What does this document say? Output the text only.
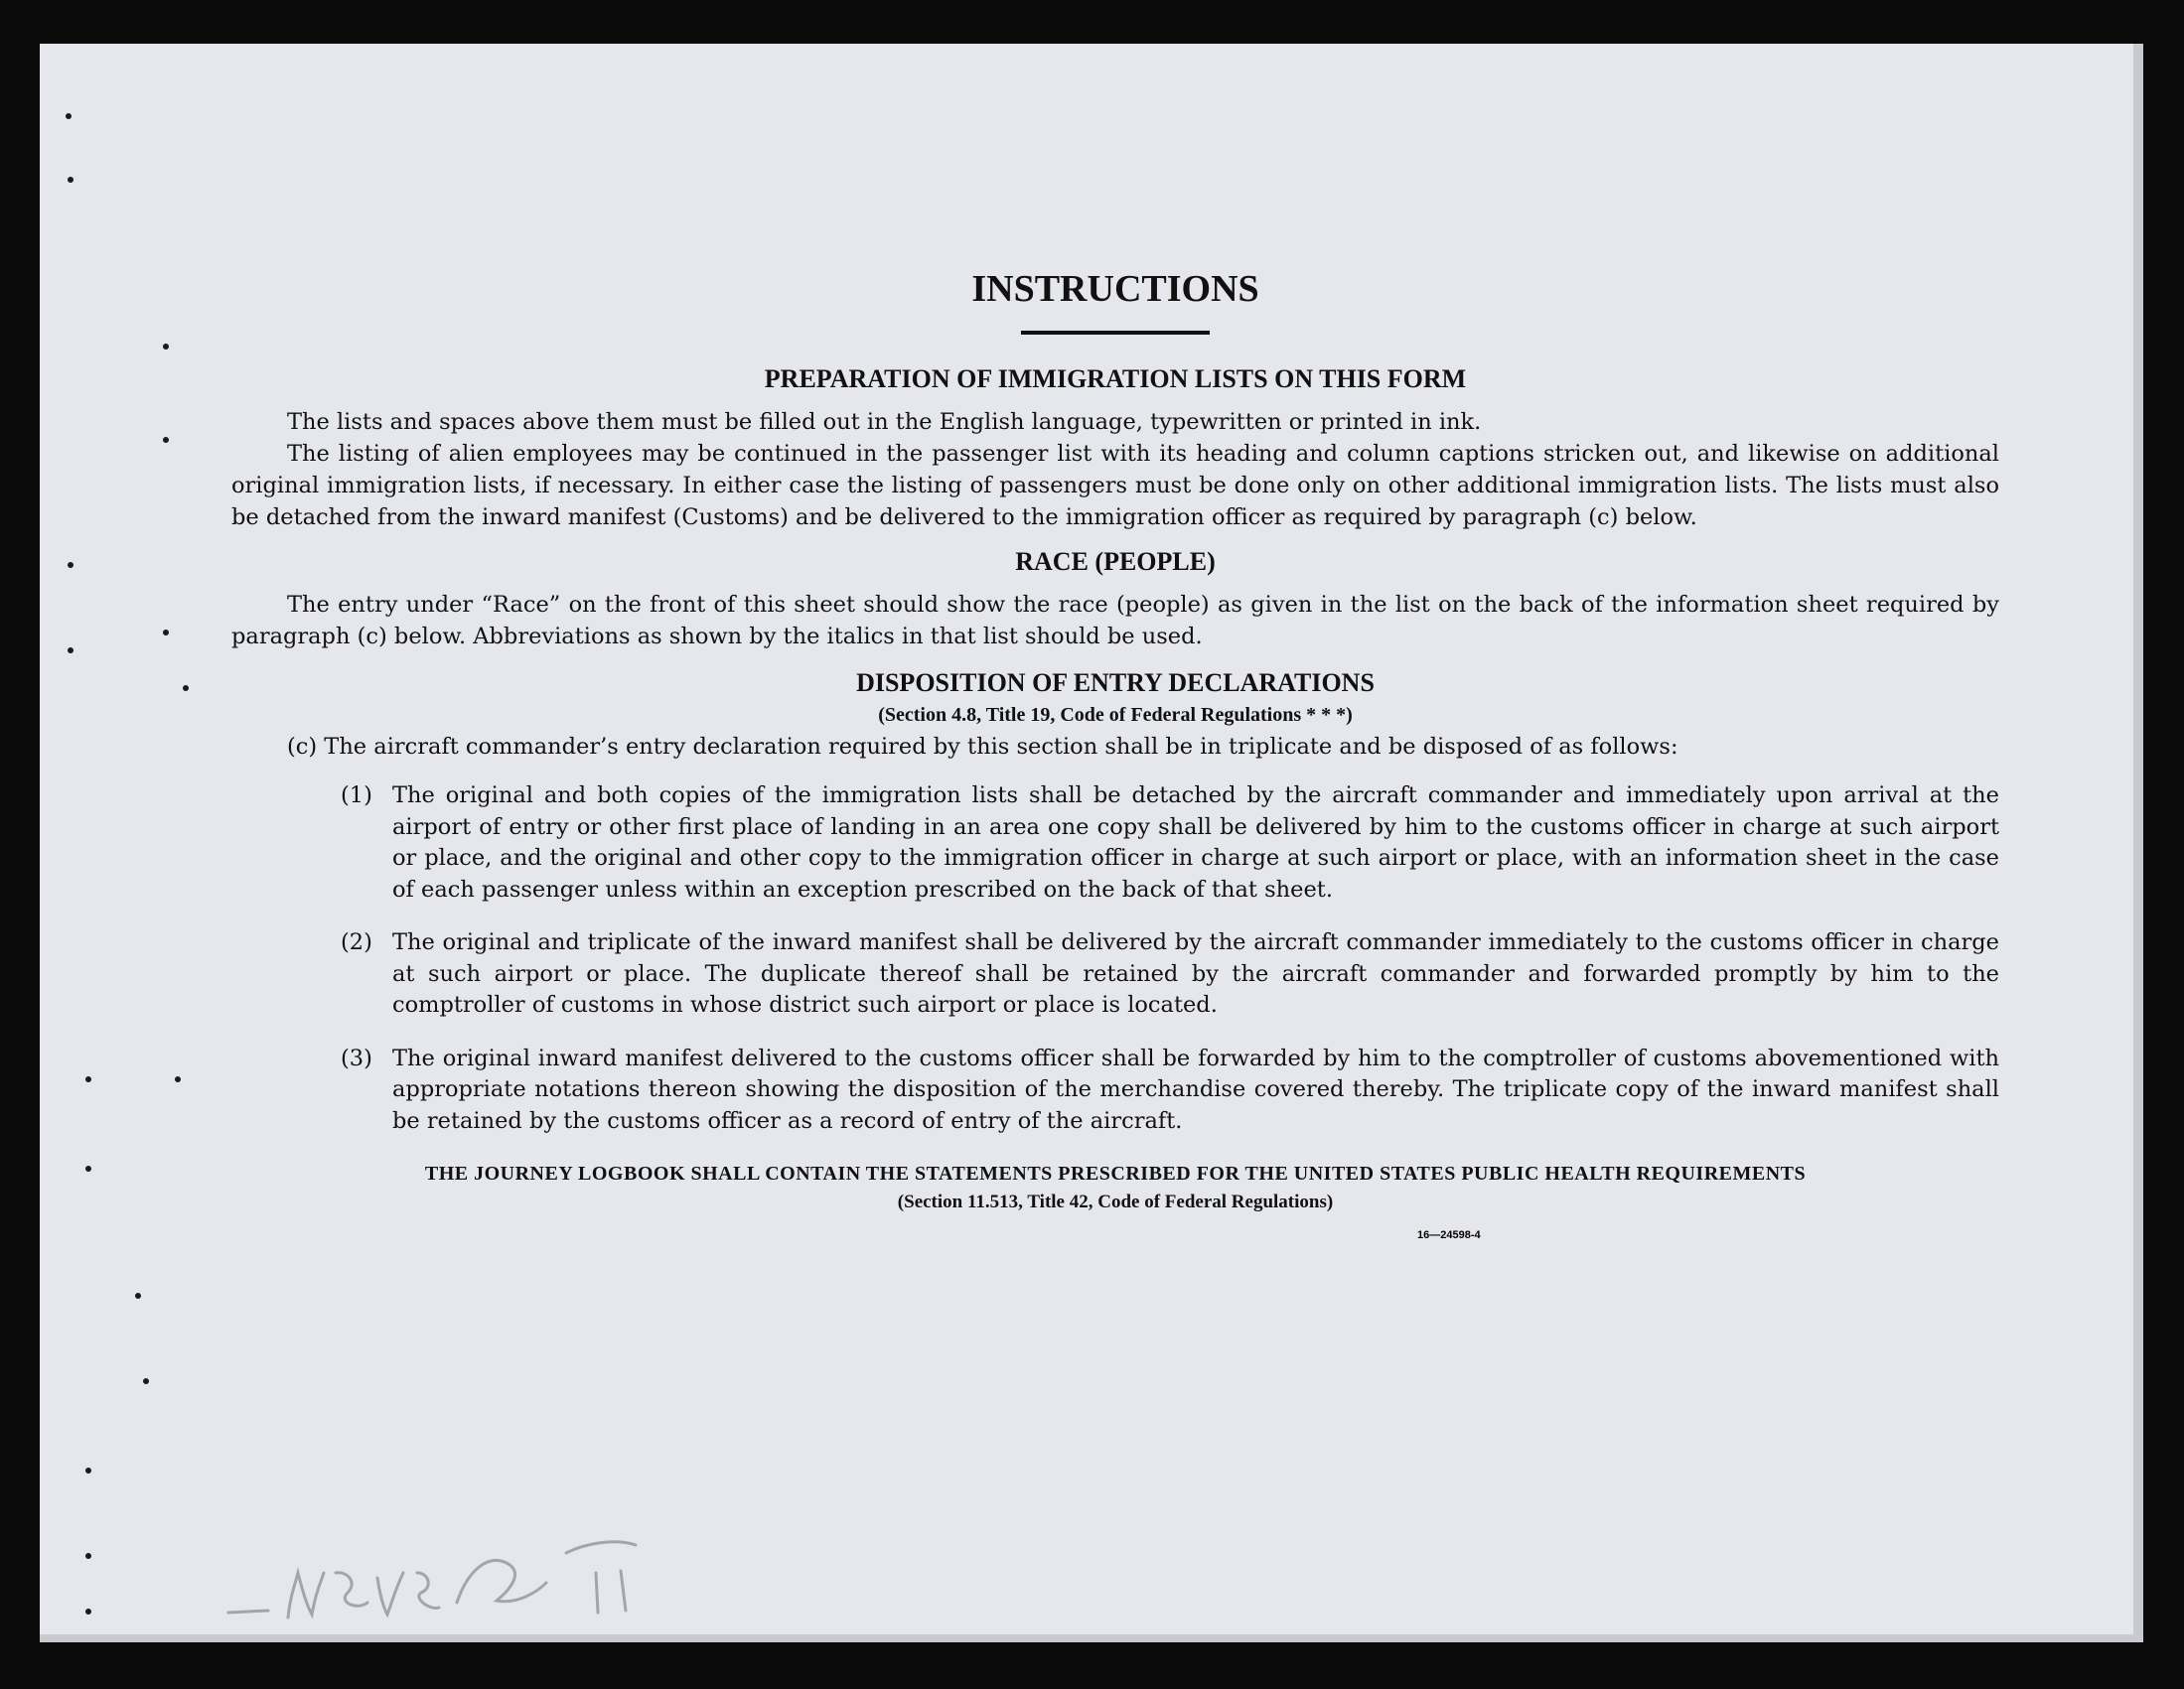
16—24598-4
INSTRUCTIONS
PREPARATION OF IMMIGRATION LISTS ON THIS FORM

The lists and spaces above them must be filled out in the English language, typewritten or printed in ink.

The listing of alien employees may be continued in the passenger list with its heading and column captions stricken out, and likewise on additional original immigration lists, if necessary. In either case the listing of passengers must be done only on other additional immigration lists. The lists must also be detached from the inward manifest (Customs) and be delivered to the immigration officer as required by paragraph (c) below.

RACE (PEOPLE)

The entry under “Race” on the front of this sheet should show the race (people) as given in the list on the back of the information sheet required by paragraph (c) below. Abbreviations as shown by the italics in that list should be used.

DISPOSITION OF ENTRY DECLARATIONS

(Section 4.8, Title 19, Code of Federal Regulations * * *)

(c) The aircraft commander’s entry declaration required by this section shall be in triplicate and be disposed of as follows:

(1) The original and both copies of the immigration lists shall be detached by the aircraft commander and immediately upon arrival at the airport of entry or other first place of landing in an area one copy shall be delivered by him to the customs officer in charge at such airport or place, and the original and other copy to the immigration officer in charge at such airport or place, with an information sheet in the case of each passenger unless within an exception prescribed on the back of that sheet.

(2) The original and triplicate of the inward manifest shall be delivered by the aircraft commander immediately to the customs officer in charge at such airport or place. The duplicate thereof shall be retained by the aircraft commander and forwarded promptly by him to the comptroller of customs in whose district such airport or place is located.

(3) The original inward manifest delivered to the customs officer shall be forwarded by him to the comptroller of customs abovementioned with appropriate notations thereon showing the disposition of the merchandise covered thereby. The triplicate copy of the inward manifest shall be retained by the customs officer as a record of entry of the aircraft.

THE JOURNEY LOGBOOK SHALL CONTAIN THE STATEMENTS PRESCRIBED FOR THE UNITED STATES PUBLIC HEALTH REQUIREMENTS

(Section 11.513, Title 42, Code of Federal Regulations)
